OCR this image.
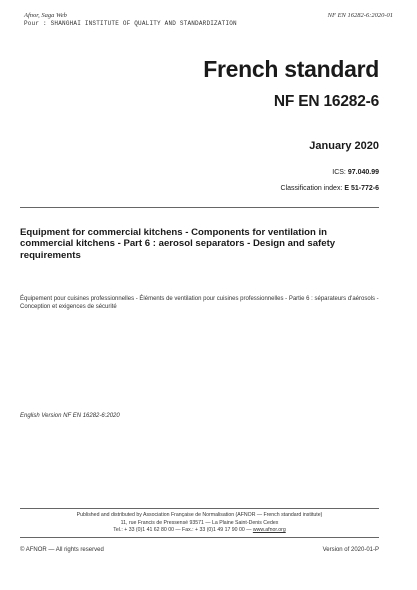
Afnor, Saga Web
Pour : SHANGHAI INSTITUTE OF QUALITY AND STANDARDIZATION
NF EN 16282-6:2020-01
French standard
NF EN 16282-6
January 2020
ICS: 97.040.99
Classification index: E 51-772-6
Equipment for commercial kitchens - Components for ventilation in commercial kitchens - Part 6 : aerosol separators - Design and safety requirements
Équipement pour cuisines professionnelles - Éléments de ventilation pour cuisines professionnelles - Partie 6 : séparateurs d'aérosols - Conception et exigences de sécurité
English Version NF EN 16282-6:2020
Published and distributed by Association Française de Normalisation (AFNOR — French standard institute)
11, rue Francis de Pressensé 93571 — La Plaine Saint-Denis Cedex
Tel.: + 33 (0)1 41 62 80 00 — Fax.: + 33 (0)1 49 17 90 00 — www.afnor.org
© AFNOR — All rights reserved	Version of 2020-01-P
